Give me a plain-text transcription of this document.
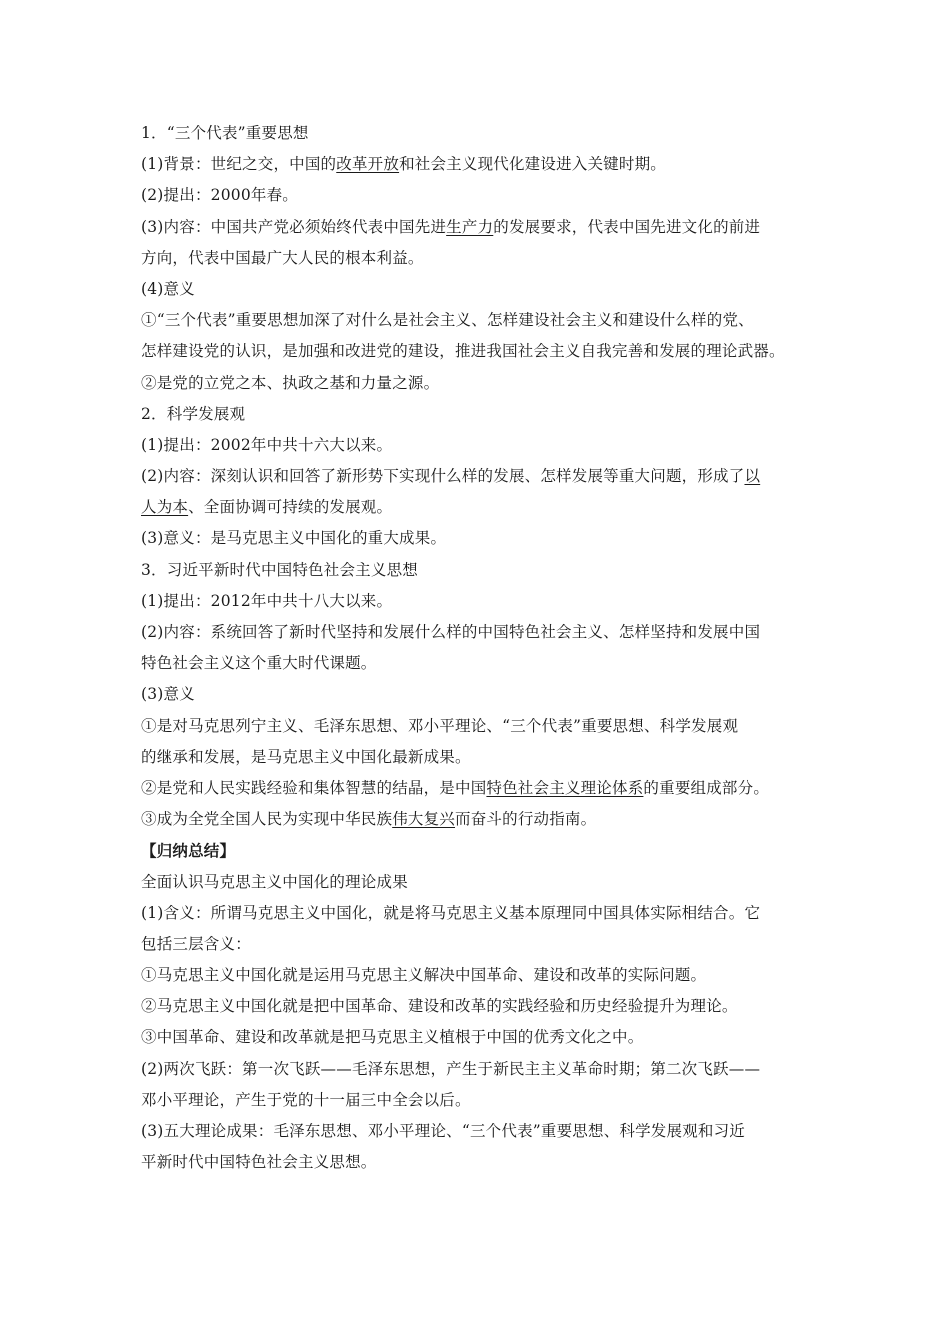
1．“三个代表”重要思想
(1)背景：世纪之交，中国的改革开放和社会主义现代化建设进入关键时期。
(2)提出：2000年春。
(3)内容：中国共产党必须始终代表中国先进生产力的发展要求，代表中国先进文化的前进
方向，代表中国最广大人民的根本利益。
(4)意义
①“三个代表”重要思想加深了对什么是社会主义、怎样建设社会主义和建设什么样的党、
怎样建设党的认识，是加强和改进党的建设，推进我国社会主义自我完善和发展的理论武器。
②是党的立党之本、执政之基和力量之源。
2．科学发展观
(1)提出：2002年中共十六大以来。
(2)内容：深刻认识和回答了新形势下实现什么样的发展、怎样发展等重大问题，形成了以
人为本、全面协调可持续的发展观。
(3)意义：是马克思主义中国化的重大成果。
3．习近平新时代中国特色社会主义思想
(1)提出：2012年中共十八大以来。
(2)内容：系统回答了新时代坚持和发展什么样的中国特色社会主义、怎样坚持和发展中国
特色社会主义这个重大时代课题。
(3)意义
①是对马克思列宁主义、毛泽东思想、邓小平理论、“三个代表”重要思想、科学发展观
的继承和发展，是马克思主义中国化最新成果。
②是党和人民实践经验和集体智慧的结晶，是中国特色社会主义理论体系的重要组成部分。
③成为全党全国人民为实现中华民族伟大复兴而奋斗的行动指南。
【归纳总结】
全面认识马克思主义中国化的理论成果
(1)含义：所谓马克思主义中国化，就是将马克思主义基本原理同中国具体实际相结合。它
包括三层含义：
①马克思主义中国化就是运用马克思主义解决中国革命、建设和改革的实际问题。
②马克思主义中国化就是把中国革命、建设和改革的实践经验和历史经验提升为理论。
③中国革命、建设和改革就是把马克思主义植根于中国的优秀文化之中。
(2)两次飞跃：第一次飞跃——毛泽东思想，产生于新民主主义革命时期；第二次飞跃——
邓小平理论，产生于党的十一届三中全会以后。
(3)五大理论成果：毛泽东思想、邓小平理论、“三个代表”重要思想、科学发展观和习近
平新时代中国特色社会主义思想。
